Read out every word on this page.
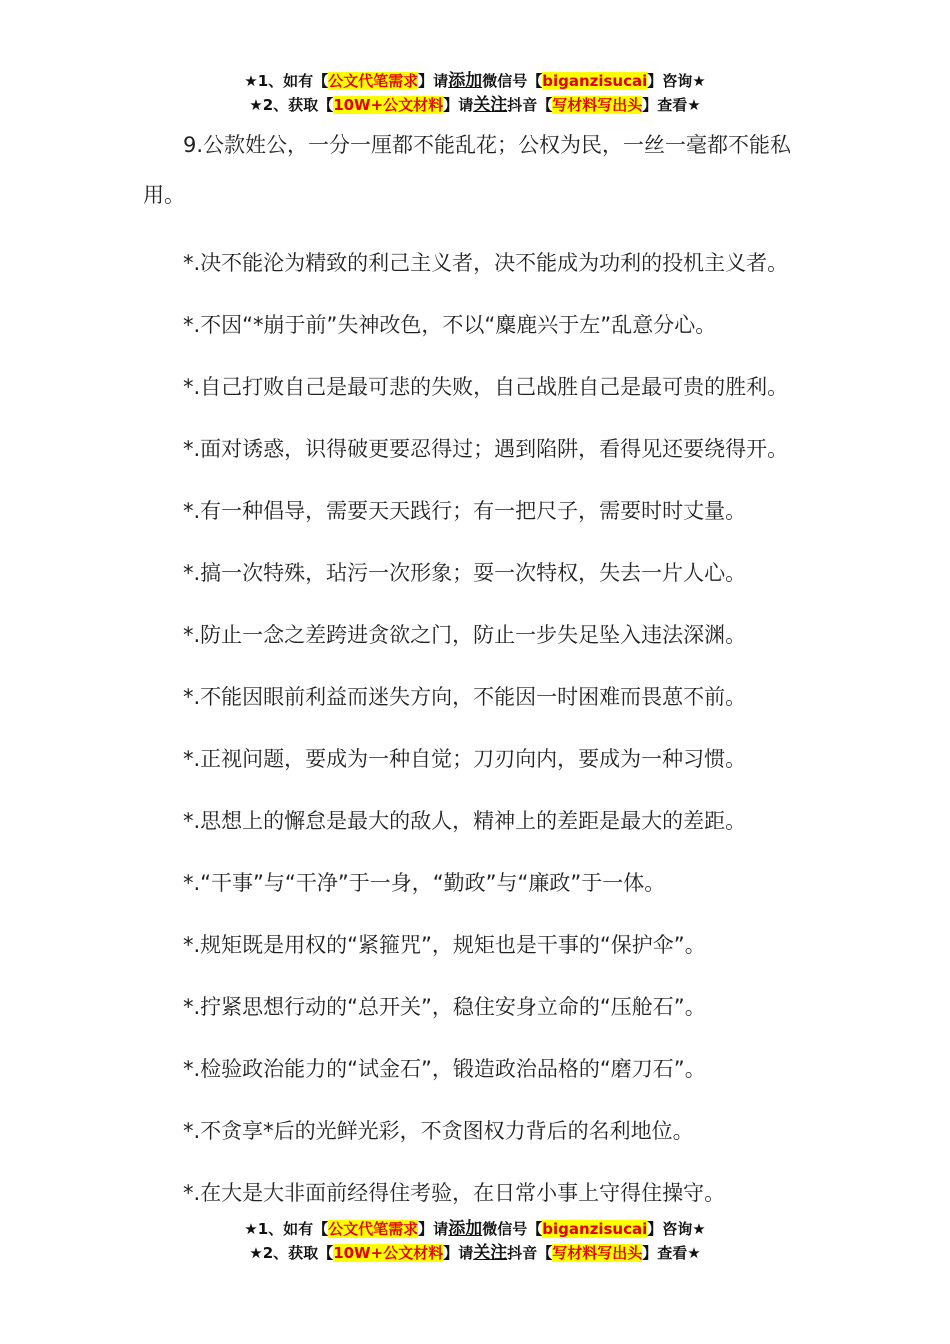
★1、如有【公文代笔需求】请添加微信号【biganzisucai】咨询★
★2、获取【10W+公文材料】请关注抖音【写材料写出头】查看★

9.公款姓公，一分一厘都不能乱花；公权为民，一丝一毫都不能私用。

*.决不能沦为精致的利己主义者，决不能成为功利的投机主义者。
*.不因“*崩于前”失神改色，不以“麋鹿兴于左”乱意分心。
*.自己打败自己是最可悲的失败，自己战胜自己是最可贵的胜利。
*.面对诱惑，识得破更要忍得过；遇到陷阱，看得见还要绕得开。
*.有一种倡导，需要天天践行；有一把尺子，需要时时丈量。
*.搞一次特殊，玷污一次形象；耍一次特权，失去一片人心。
*.防止一念之差跨进贪欲之门，防止一步失足坠入违法深渊。
*.不能因眼前利益而迷失方向，不能因一时困难而畏葸不前。
*.正视问题，要成为一种自觉；刀刃向内，要成为一种习惯。
*.思想上的懈怠是最大的敌人，精神上的差距是最大的差距。
*.“干事”与“干净”于一身，“勤政”与“廉政”于一体。
*.规矩既是用权的“紧箍咒”，规矩也是干事的“保护伞”。
*.拧紧思想行动的“总开关”，稳住安身立命的“压舱石”。
*.检验政治能力的“试金石”，锻造政治品格的“磨刀石”。
*.不贪享*后的光鲜光彩，不贪图权力背后的名利地位。
*.在大是大非面前经得住考验，在日常小事上守得住操守。
★1、如有【公文代笔需求】请添加微信号【biganzisucai】咨询★
★2、获取【10W+公文材料】请关注抖音【写材料写出头】查看★
